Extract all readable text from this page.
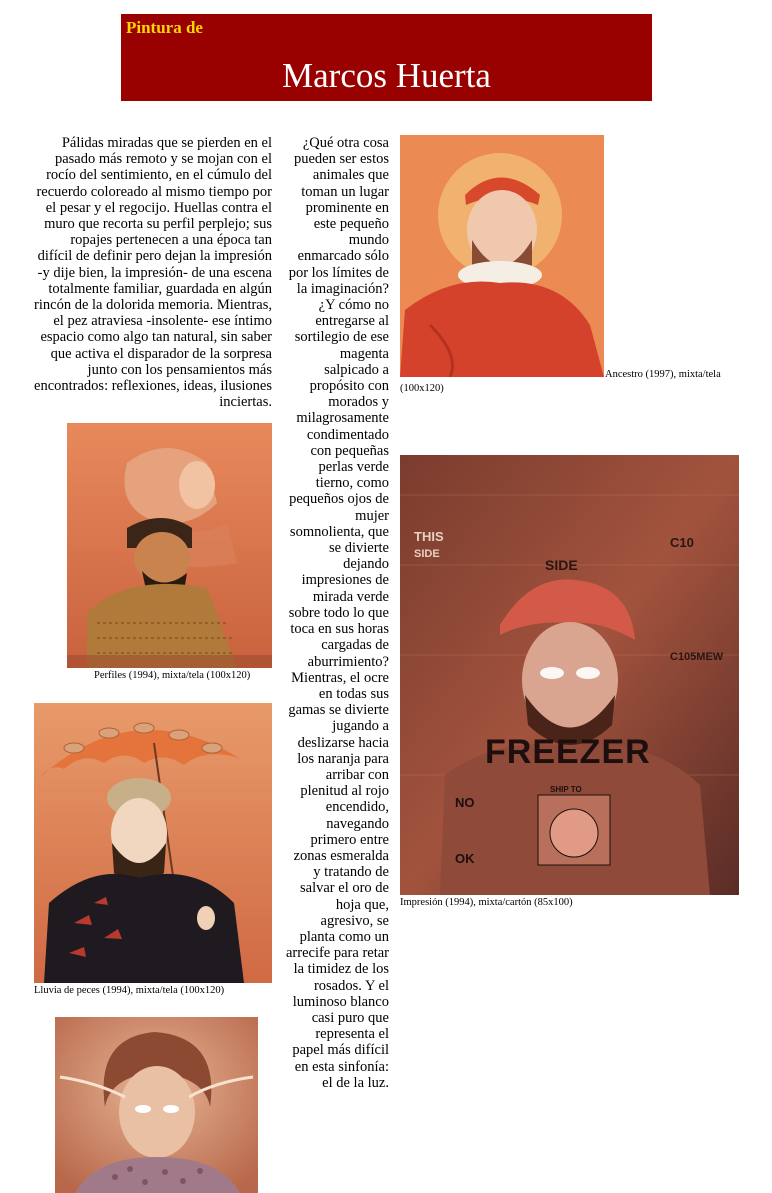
Pintura de
Marcos Huerta

Pálidas miradas que se pierden en el pasado más remoto y se mojan con el rocío del sentimiento, en el cúmulo del recuerdo coloreado al mismo tiempo por el pesar y el regocijo. Huellas contra el muro que recorta su perfil perplejo; sus ropajes pertenecen a una época tan difícil de definir pero dejan la impresión -y dije bien, la impresión- de una escena totalmente familiar, guardada en algún rincón de la dolorida memoria. Mientras, el pez atraviesa -insolente- ese íntimo espacio como algo tan natural, sin saber que activa el disparador de la sorpresa junto con los pensamientos más encontrados: reflexiones, ideas, ilusiones inciertas.

¿Qué otra cosa pueden ser estos animales que toman un lugar prominente en este pequeño mundo enmarcado sólo por los límites de la imaginación? ¿Y cómo no entregarse al sortilegio de ese magenta salpicado a propósito con morados y milagrosamente condimentado con pequeñas perlas verde tierno, como pequeños ojos de mujer somnolienta, que se divierte dejando impresiones de mirada verde sobre todo lo que toca en sus horas cargadas de aburrimiento? Mientras, el ocre en todas sus gamas se divierte jugando a deslizarse hacia los naranja para arribar con plenitud al rojo encendido, navegando primero entre zonas esmeralda y tratando de salvar el oro de hoja que, agresivo, se planta como un arrecife para retar la timidez de los rosados. Y el luminoso blanco casi puro que representa el papel más difícil en esta sinfonía: el de la luz.

Perfiles (1994), mixta/tela (100x120)
Lluvia de peces (1994), mixta/tela (100x120)
Ancestro (1997), mixta/tela
(100x120)
THIS
SIDE
C10
SIDE
C105MEW
FREEZER
SHIP TO
NO
OK
Impresión (1994), mixta/cartón (85x100)
